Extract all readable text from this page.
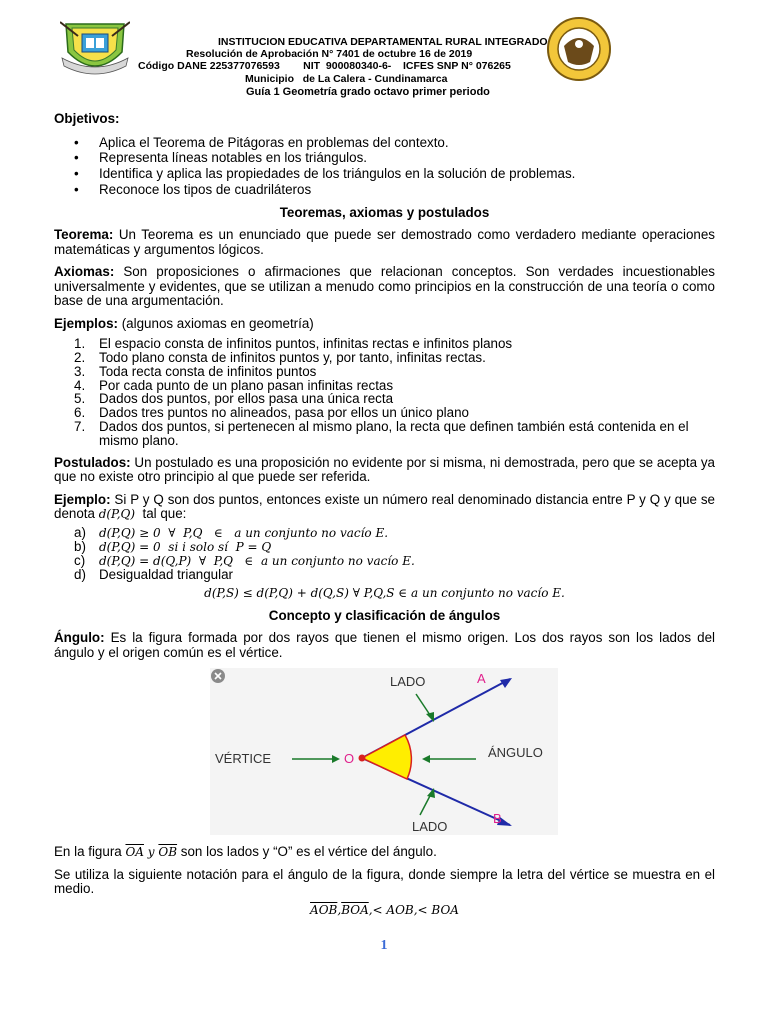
INSTITUCION EDUCATIVA DEPARTAMENTAL RURAL INTEGRADO
Resolución de Aprobación N° 7401 de octubre 16 de 2019
Código DANE 225377076593        NIT  900080340-6-    ICFES SNP N° 076265
Municipio   de La Calera - Cundinamarca
Guía 1 Geometría grado octavo primer periodo

Objetivos:

• Aplica el Teorema de Pitágoras en problemas del contexto.
• Representa líneas notables en los triángulos.
• Identifica y aplica las propiedades de los triángulos en la solución de problemas.
• Reconoce los tipos de cuadriláteros

Teoremas, axiomas y postulados

Teorema: Un Teorema es un enunciado que puede ser demostrado como verdadero mediante operaciones matemáticas y argumentos lógicos.

Axiomas: Son proposiciones o afirmaciones que relacionan conceptos. Son verdades incuestionables universalmente y evidentes, que se utilizan a menudo como principios en la construcción de una teoría o como base de una argumentación.

Ejemplos: (algunos axiomas en geometría)

1. El espacio consta de infinitos puntos, infinitas rectas e infinitos planos
2. Todo plano consta de infinitos puntos y, por tanto, infinitas rectas.
3. Toda recta consta de infinitos puntos
4. Por cada punto de un plano pasan infinitas rectas
5. Dados dos puntos, por ellos pasa una única recta
6. Dados tres puntos no alineados, pasa por ellos un único plano
7. Dados dos puntos, si pertenecen al mismo plano, la recta que definen también está contenida en el mismo plano.

Postulados: Un postulado es una proposición no evidente por si misma, ni demostrada, pero que se acepta ya que no existe otro principio al que puede ser referida.

Ejemplo: Si P y Q son dos puntos, entonces existe un número real denominado distancia entre P y Q y que se denota d(P,Q)  tal que:

a) d(P,Q) ≥ 0  ∀  P,Q   ∈   a un conjunto no vacío E.
b) d(P,Q) = 0  si i solo sí  P = Q
c) d(P,Q) = d(Q,P)  ∀  P,Q   ∈  a un conjunto no vacío E.
d) Desigualdad triangular

d(P,S) ≤ d(P,Q) + d(Q,S) ∀ P,Q,S ∈ a un conjunto no vacío E.

Concepto y clasificación de ángulos

Ángulo: Es la figura formada por dos rayos que tienen el mismo origen. Los dos rayos son los lados del ángulo y el origen común es el vértice.

LADO	A
VÉRTICE	O	ÁNGULO
LADO
B

En la figura $\overline{OA}$ y $\overline{OB}$ son los lados y “O” es el vértice del ángulo.

Se utiliza la siguiente notación para el ángulo de la figura, donde siempre la letra del vértice se muestra en el medio.

$\overline{AOB},\overline{BOA},< AOB,<$ BOA

1
